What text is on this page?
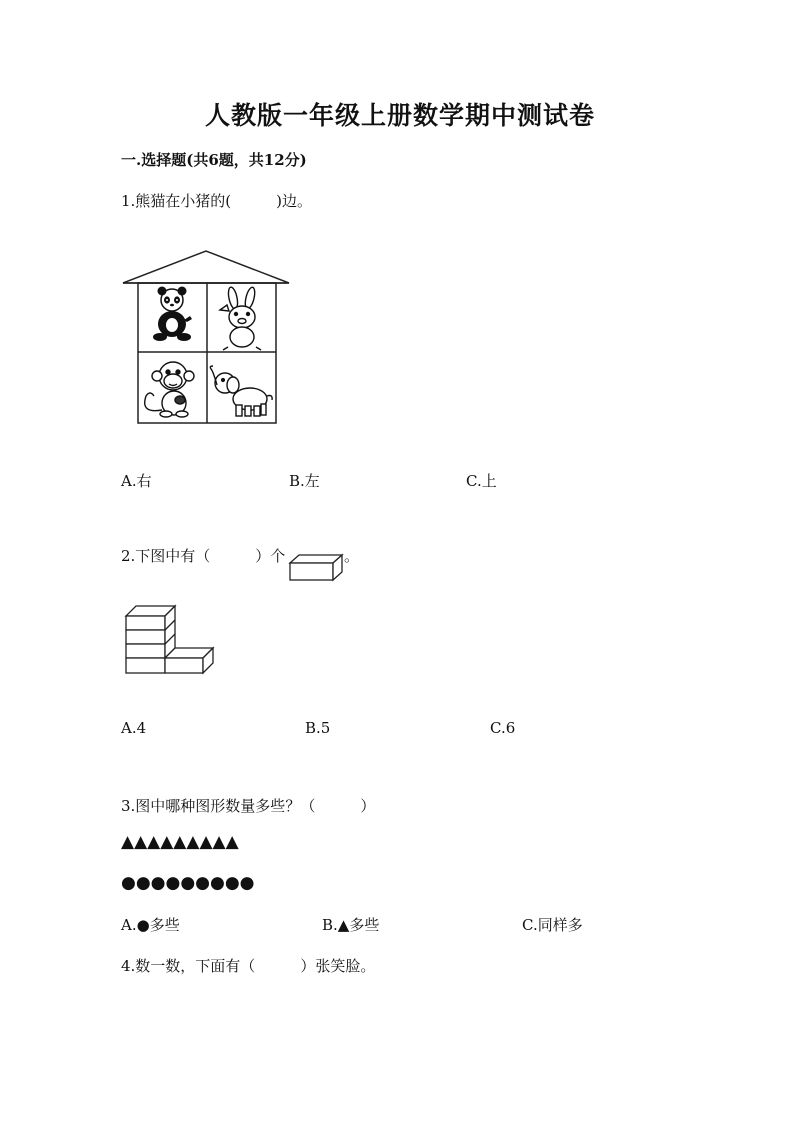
人教版一年级上册数学期中测试卷
一.选择题(共6题，共12分)
1.熊猫在小猪的(　　　)边。
A.右	B.左	C.上
2.下图中有（　　　）个	。
A.4	B.5	C.6
3.图中哪种图形数量多些？（　　　）
▲▲▲▲▲▲▲▲▲
●●●●●●●●●
A.●多些	B.▲多些	C.同样多
4.数一数，下面有（　　　）张笑脸。
